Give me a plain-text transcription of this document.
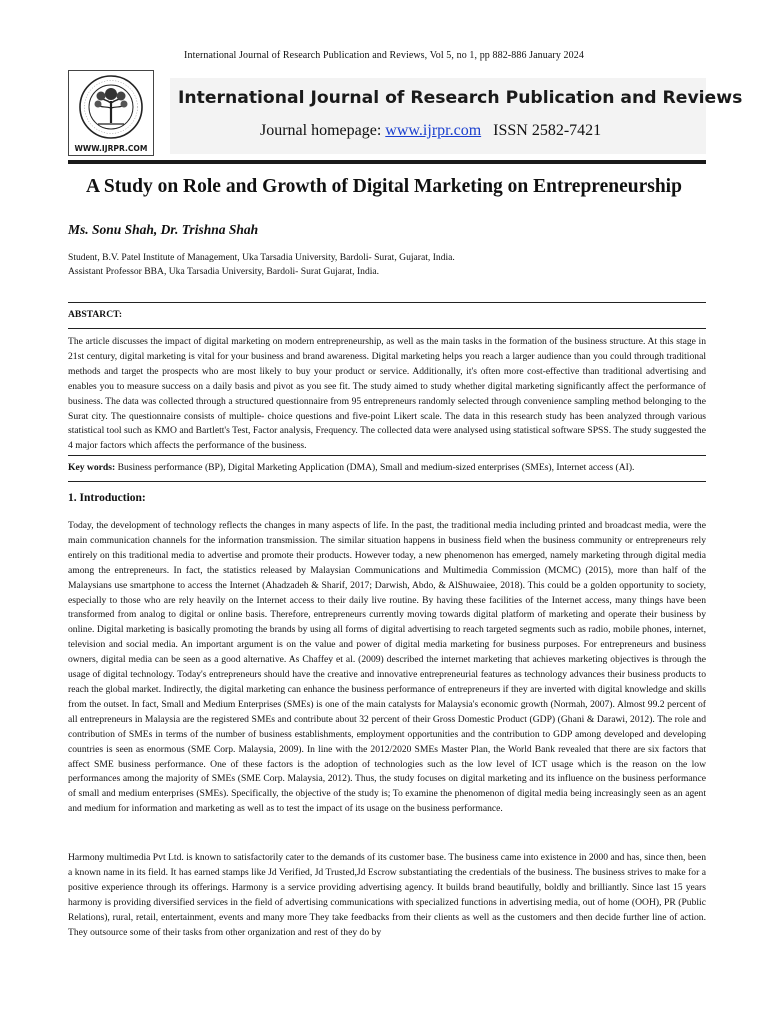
International Journal of Research Publication and Reviews, Vol 5, no 1, pp 882-886 January 2024
WWW.IJRPR.COM
International Journal of Research Publication and Reviews
Journal homepage: www.ijrpr.com ISSN 2582-7421
A Study on Role and Growth of Digital Marketing on Entrepreneurship
Ms. Sonu Shah, Dr. Trishna Shah
Student, B.V. Patel Institute of Management, Uka Tarsadia University, Bardoli- Surat, Gujarat, India.
Assistant Professor BBA, Uka Tarsadia University, Bardoli- Surat Gujarat, India.
ABSTARCT:
The article discusses the impact of digital marketing on modern entrepreneurship, as well as the main tasks in the formation of the business structure. At this stage in 21st century, digital marketing is vital for your business and brand awareness. Digital marketing helps you reach a larger audience than you could through traditional methods and target the prospects who are most likely to buy your product or service. Additionally, it's often more cost-effective than traditional advertising and enables you to measure success on a daily basis and pivot as you see fit. The study aimed to study whether digital marketing significantly affect the performance of business. The data was collected through a structured questionnaire from 95 entrepreneurs randomly selected through convenience sampling method belonging to the Surat city. The questionnaire consists of multiple- choice questions and five-point Likert scale. The data in this research study has been analyzed through various statistical tool such as KMO and Bartlett's Test, Factor analysis, Frequency. The collected data were analysed using statistical software SPSS. The study suggested the 4 major factors which affects the performance of the business.
Key words: Business performance (BP), Digital Marketing Application (DMA), Small and medium-sized enterprises (SMEs), Internet access (AI).
1. Introduction:
Today, the development of technology reflects the changes in many aspects of life. In the past, the traditional media including printed and broadcast media, were the main communication channels for the information transmission. The similar situation happens in business field when the business community or entrepreneurs rely entirely on this traditional media to advertise and promote their products. However today, a new phenomenon has emerged, namely marketing through digital media among the entrepreneurs. In fact, the statistics released by Malaysian Communications and Multimedia Commission (MCMC) (2015), more than half of the Malaysians use smartphone to access the Internet (Ahadzadeh & Sharif, 2017; Darwish, Abdo, & AlShuwaiee, 2018). This could be a golden opportunity to society, especially to those who are rely heavily on the Internet access to their daily live routine. By having these facilities of the Internet access, many things have been transformed from analog to digital or online basis. Therefore, entrepreneurs currently moving towards digital platform of marketing and operate their business by online. Digital marketing is basically promoting the brands by using all forms of digital advertising to reach targeted segments such as radio, mobile phones, internet, television and social media. An important argument is on the value and power of digital media marketing for business purposes. For entrepreneurs and business owners, digital media can be seen as a good alternative. As Chaffey et al. (2009) described the internet marketing that achieves marketing objectives is through the usage of digital technology. Today's entrepreneurs should have the creative and innovative entrepreneurial features as technology advances their business products to reach the global market. Indirectly, the digital marketing can enhance the business performance of entrepreneurs if they are inverted with digital knowledge and skills from the outset. In fact, Small and Medium Enterprises (SMEs) is one of the main catalysts for Malaysia's economic growth (Normah, 2007). Almost 99.2 percent of all entrepreneurs in Malaysia are the registered SMEs and contribute about 32 percent of their Gross Domestic Product (GDP) (Ghani & Darawi, 2012). The role and contribution of SMEs in terms of the number of business establishments, employment opportunities and the contribution to GDP among developed and developing countries is seen as enormous (SME Corp. Malaysia, 2009). In line with the 2012/2020 SMEs Master Plan, the World Bank revealed that there are six factors that affect SME business performance. One of these factors is the adoption of technologies such as the low level of ICT usage which is the reason on the low performances among the majority of SMEs (SME Corp. Malaysia, 2012). Thus, the study focuses on digital marketing and its influence on the business performance of small and medium enterprises (SMEs). Specifically, the objective of the study is; To examine the phenomenon of digital media being increasingly seen as an agent and medium for information and marketing as well as to test the impact of its usage on the business performance.
Harmony multimedia Pvt Ltd. is known to satisfactorily cater to the demands of its customer base. The business came into existence in 2000 and has, since then, been a known name in its field. It has earned stamps like Jd Verified, Jd Trusted,Jd Escrow substantiating the credentials of the business. The business strives to make for a positive experience through its offerings. Harmony is a service providing advertising agency. It builds brand beautifully, boldly and brilliantly. Since last 15 years harmony is providing diversified services in the field of advertising communications with specialized functions in advertising media, out of home (OOH), PR (Public Relations), rural, retail, entertainment, events and many more They take feedbacks from their clients as well as the customers and then decide further line of action. They outsource some of their tasks from other organization and rest of they do by
